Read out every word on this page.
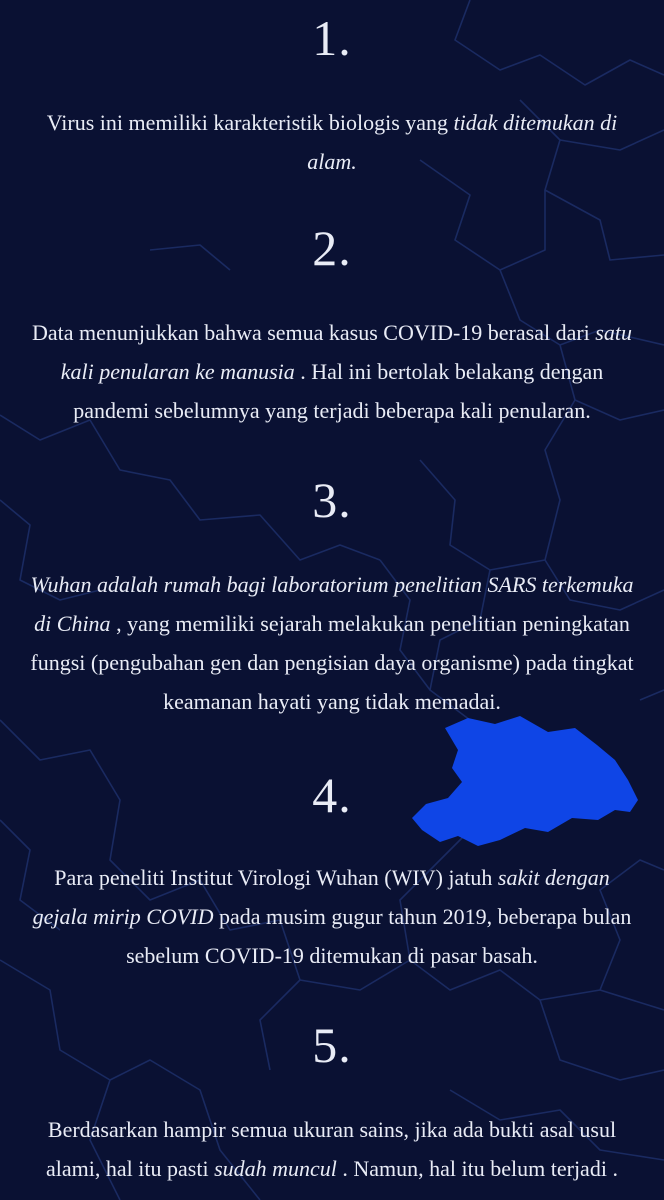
1.
Virus ini memiliki karakteristik biologis yang tidak ditemukan di alam.
2.
Data menunjukkan bahwa semua kasus COVID-19 berasal dari satu kali penularan ke manusia . Hal ini bertolak belakang dengan pandemi sebelumnya yang terjadi beberapa kali penularan.
3.
Wuhan adalah rumah bagi laboratorium penelitian SARS terkemuka di China , yang memiliki sejarah melakukan penelitian peningkatan fungsi (pengubahan gen dan pengisian daya organisme) pada tingkat keamanan hayati yang tidak memadai.
4.
Para peneliti Institut Virologi Wuhan (WIV) jatuh sakit dengan gejala mirip COVID pada musim gugur tahun 2019, beberapa bulan sebelum COVID-19 ditemukan di pasar basah.
5.
Berdasarkan hampir semua ukuran sains, jika ada bukti asal usul alami, hal itu pasti sudah muncul . Namun, hal itu belum terjadi .
